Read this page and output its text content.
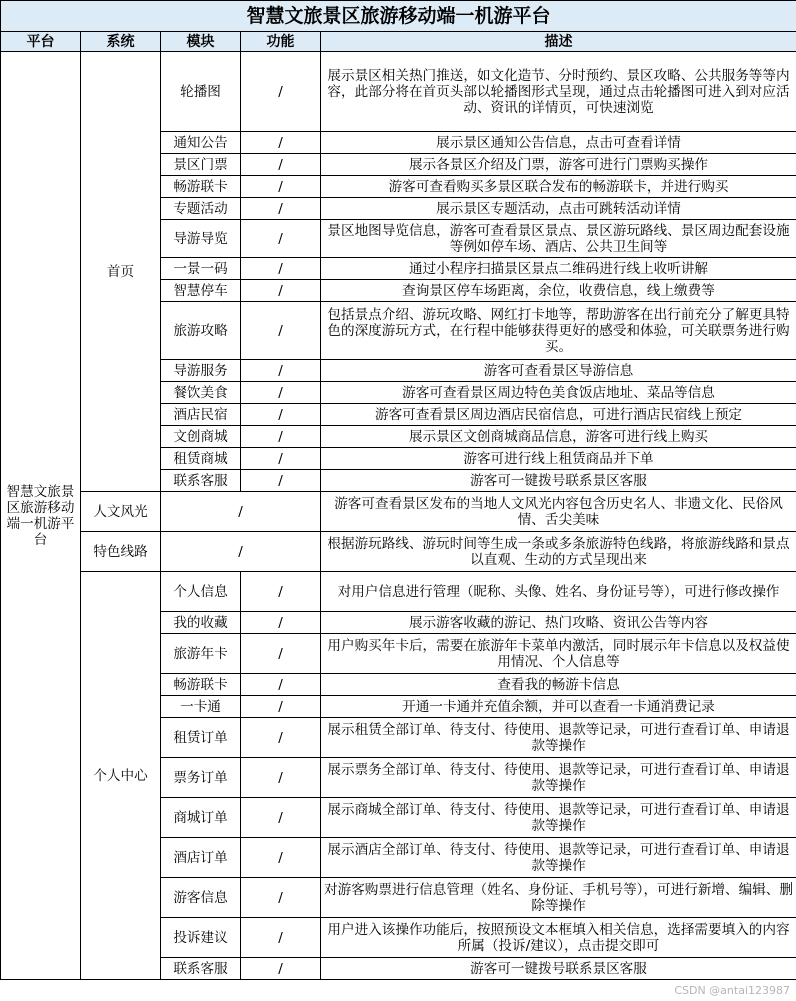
智慧文旅景区旅游移动端一机游平台				
平台	系统	模块	功能	描述
智慧文旅景区旅游移动端一机游平台	首页	轮播图	/	展示景区相关热门推送，如文化造节、分时预约、景区攻略、公共服务等等内容，此部分将在首页头部以轮播图形式呈现，通过点击轮播图可进入到对应活动、资讯的详情页，可快速浏览
		通知公告	/	展示景区通知公告信息，点击可查看详情
		景区门票	/	展示各景区介绍及门票，游客可进行门票购买操作
		畅游联卡	/	游客可查看购买多景区联合发布的畅游联卡，并进行购买
		专题活动	/	展示景区专题活动，点击可跳转活动详情
		导游导览	/	景区地图导览信息，游客可查看景区景点、景区游玩路线、景区周边配套设施等例如停车场、酒店、公共卫生间等
		一景一码	/	通过小程序扫描景区景点二维码进行线上收听讲解
		智慧停车	/	查询景区停车场距离，余位，收费信息，线上缴费等
		旅游攻略	/	包括景点介绍、游玩攻略、网红打卡地等，帮助游客在出行前充分了解更具特色的深度游玩方式，在行程中能够获得更好的感受和体验，可关联票务进行购买。
		导游服务	/	游客可查看景区导游信息
		餐饮美食	/	游客可查看景区周边特色美食饭店地址、菜品等信息
		酒店民宿	/	游客可查看景区周边酒店民宿信息，可进行酒店民宿线上预定
		文创商城	/	展示景区文创商城商品信息，游客可进行线上购买
		租赁商城	/	游客可进行线上租赁商品并下单
		联系客服	/	游客可一键拨号联系景区客服
	人文风光	/		游客可查看景区发布的当地人文风光内容包含历史名人、非遗文化、民俗风情、舌尖美味
	特色线路	/		根据游玩路线、游玩时间等生成一条或多条旅游特色线路，将旅游线路和景点以直观、生动的方式呈现出来
	个人中心	个人信息	/	对用户信息进行管理（昵称、头像、姓名、身份证号等），可进行修改操作
		我的收藏	/	展示游客收藏的游记、热门攻略、资讯公告等内容
		旅游年卡	/	用户购买年卡后，需要在旅游年卡菜单内激活，同时展示年卡信息以及权益使用情况、个人信息等
		畅游联卡	/	查看我的畅游卡信息
		一卡通	/	开通一卡通并充值余额，并可以查看一卡通消费记录
		租赁订单	/	展示租赁全部订单、待支付、待使用、退款等记录，可进行查看订单、申请退款等操作
		票务订单	/	展示票务全部订单、待支付、待使用、退款等记录，可进行查看订单、申请退款等操作
		商城订单	/	展示商城全部订单、待支付、待使用、退款等记录，可进行查看订单、申请退款等操作
		酒店订单	/	展示酒店全部订单、待支付、待使用、退款等记录，可进行查看订单、申请退款等操作
		游客信息	/	对游客购票进行信息管理（姓名、身份证、手机号等），可进行新增、编辑、删除等操作
		投诉建议	/	用户进入该操作功能后，按照预设文本框填入相关信息，选择需要填入的内容所属（投诉/建议），点击提交即可
		联系客服	/	游客可一键拨号联系景区客服
CSDN @antai123987
